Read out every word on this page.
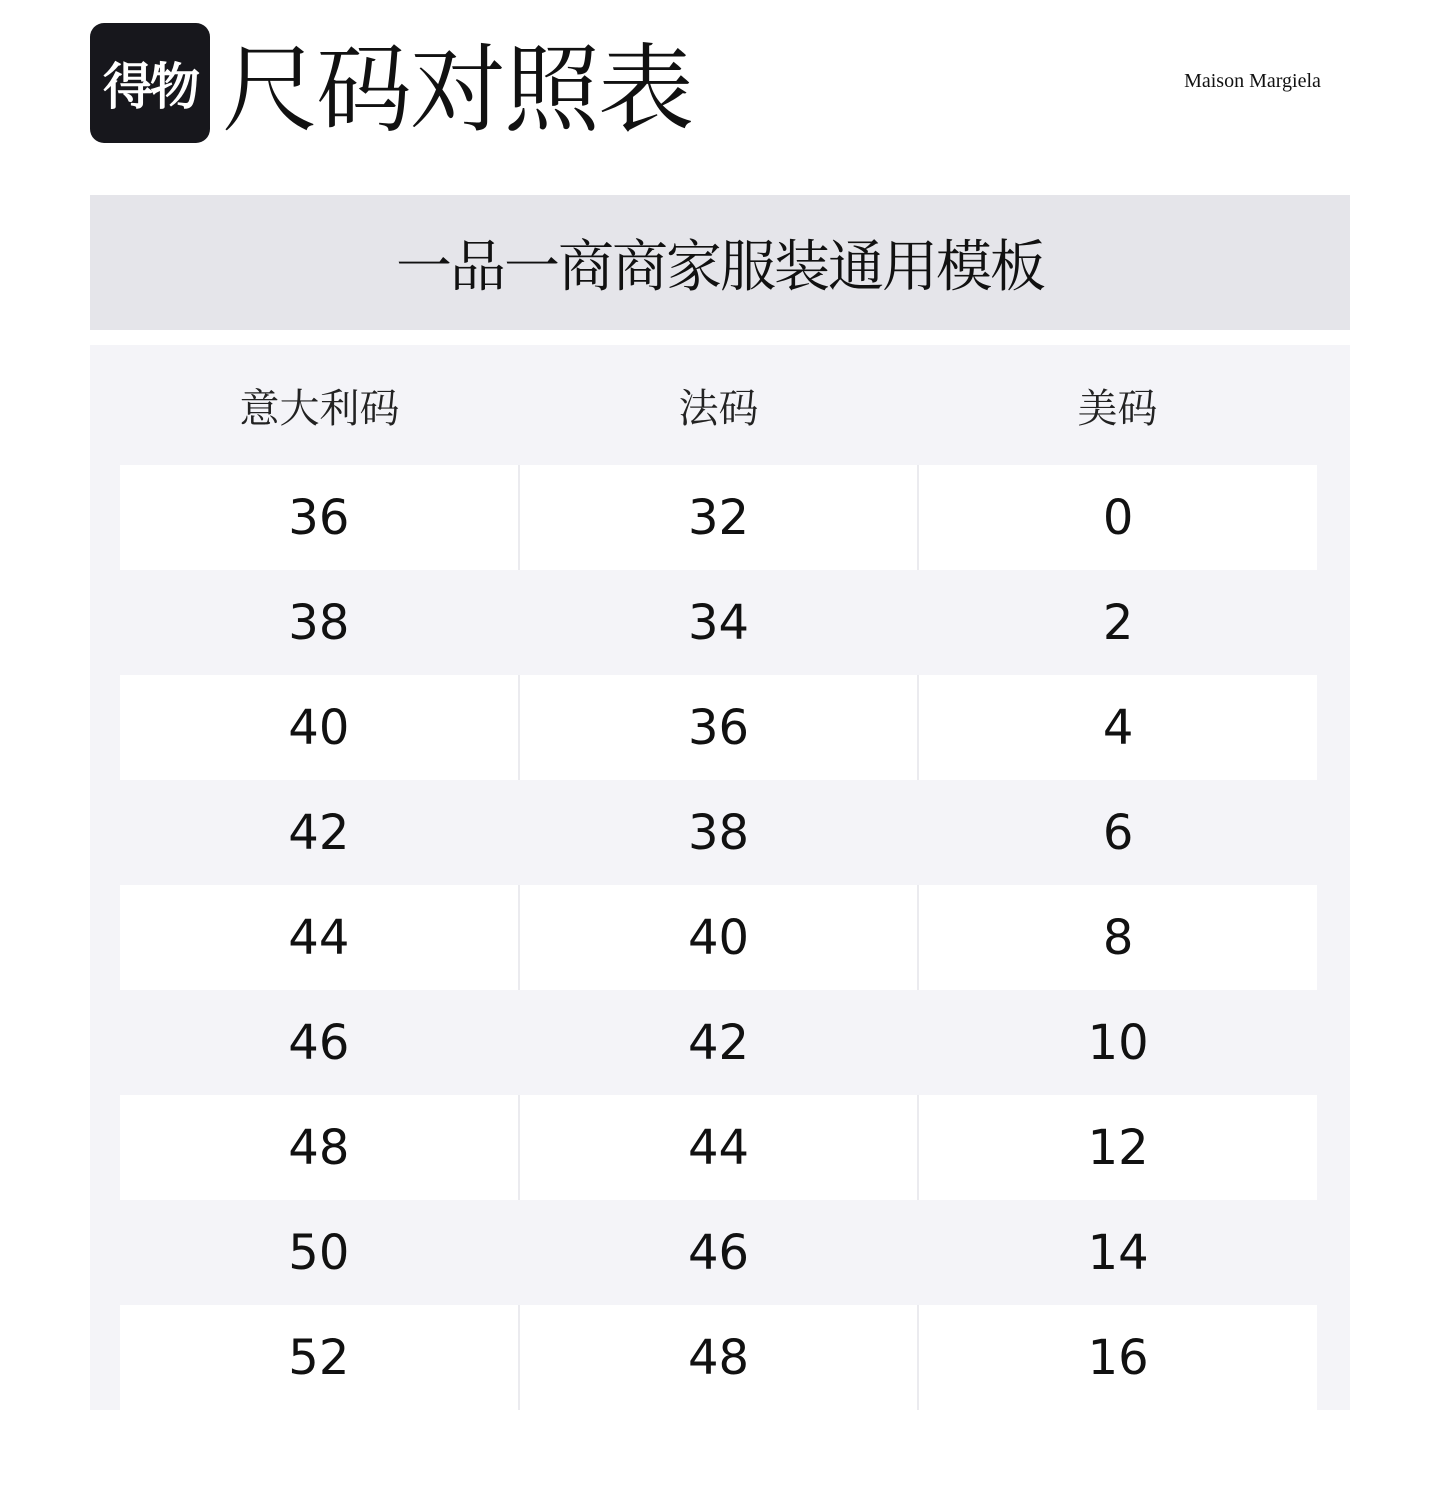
得物 尺码对照表	Maison Margiela
一品一商商家服装通用模板
意大利码	法码	美码
36	32	0
38	34	2
40	36	4
42	38	6
44	40	8
46	42	10
48	44	12
50	46	14
52	48	16
